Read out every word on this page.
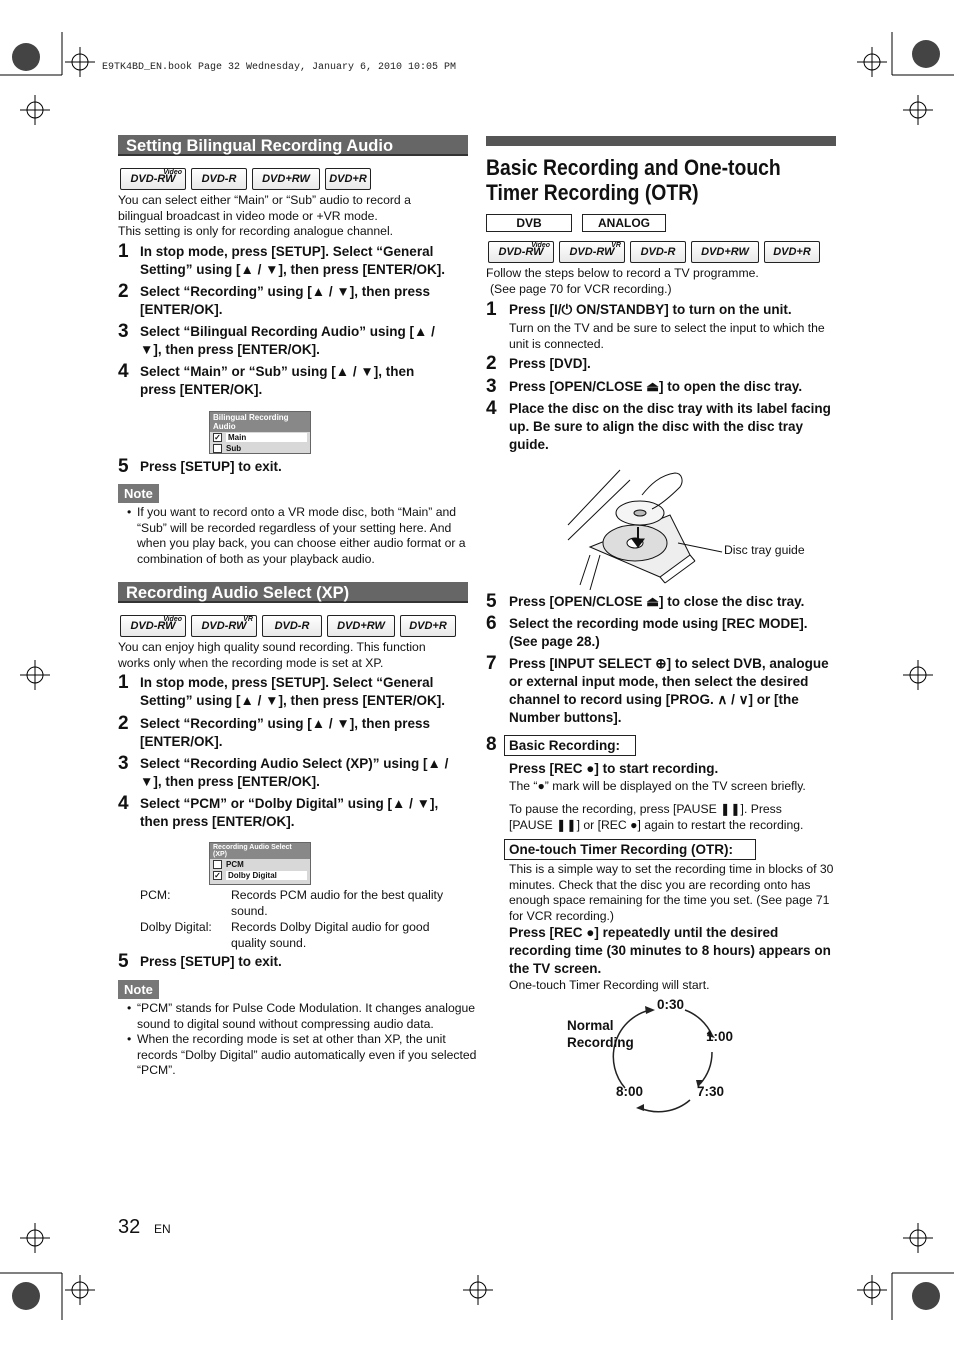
E9TK4BD_EN.book Page 32 Wednesday, January 6, 2010 10:05 PM
Setting Bilingual Recording Audio
Video
DVD-RW DVD-R DVD+RW DVD+R
You can select either “Main” or “Sub” audio to record a bilingual broadcast in video mode or +VR mode.
This setting is only for recording analogue channel.
1 In stop mode, press [SETUP]. Select “General Setting” using [▲ / ▼], then press [ENTER/OK].
2 Select “Recording” using [▲ / ▼], then press [ENTER/OK].
3 Select “Bilingual Recording Audio” using [▲ / ▼], then press [ENTER/OK].
4 Select “Main” or “Sub” using [▲ / ▼], then press [ENTER/OK].
Bilingual Recording Audio
✓ Main
Sub
5 Press [SETUP] to exit.
Note
• If you want to record onto a VR mode disc, both “Main” and “Sub” will be recorded regardless of your setting here. And when you play back, you can choose either audio format or a combination of both as your playback audio.
Recording Audio Select (XP)
Video
DVD-RW
VR
DVD-RW	DVD-R	DVD+RW DVD+R
You can enjoy high quality sound recording. This function works only when the recording mode is set at XP.
1 In stop mode, press [SETUP]. Select “General Setting” using [▲ / ▼], then press [ENTER/OK].
2 Select “Recording” using [▲ / ▼], then press [ENTER/OK].
3 Select “Recording Audio Select (XP)” using [▲ / ▼], then press [ENTER/OK].
4 Select “PCM” or “Dolby Digital” using [▲ / ▼], then press [ENTER/OK].
Recording Audio Select (XP)
PCM
✓ Dolby Digital
PCM:	Records PCM audio for the best quality sound.
Dolby Digital: Records Dolby Digital audio for good quality sound.
5 Press [SETUP] to exit.
Note
• “PCM” stands for Pulse Code Modulation. It changes analogue sound to digital sound without compressing audio data.
• When the recording mode is set at other than XP, the unit records “Dolby Digital” audio automatically even if you selected “PCM”.
Basic Recording and One-touch Timer Recording (OTR)
DVB	ANALOG
Video
DVD-RW
VR
DVD-RW DVD-R DVD+RW DVD+R
Follow the steps below to record a TV programme.
(See page 70 for VCR recording.)
1 Press [I/⏻ ON/STANDBY] to turn on the unit.
Turn on the TV and be sure to select the input to which the unit is connected.
2 Press [DVD].
3 Press [OPEN/CLOSE ⏏] to open the disc tray.
4 Place the disc on the disc tray with its label facing up. Be sure to align the disc with the disc tray guide.
Disc tray guide
5 Press [OPEN/CLOSE ⏏] to close the disc tray.
6 Select the recording mode using [REC MODE]. (See page 28.)
7 Press [INPUT SELECT ⊕] to select DVB, analogue or external input mode, then select the desired channel to record using [PROG. ∧ / ∨] or [the Number buttons].
8 Basic Recording:
Press [REC ●] to start recording.
The “●” mark will be displayed on the TV screen briefly.
To pause the recording, press [PAUSE ❚❚]. Press [PAUSE ❚❚] or [REC ●] again to restart the recording.
One-touch Timer Recording (OTR):
This is a simple way to set the recording time in blocks of 30 minutes. Check that the disc you are recording onto has enough space remaining for the time you set. (See page 71 for VCR recording.)
Press [REC ●] repeatedly until the desired recording time (30 minutes to 8 hours) appears on the TV screen.
One-touch Timer Recording will start.
Normal Recording
0:30
1:00
7:30
8:00
32 EN
